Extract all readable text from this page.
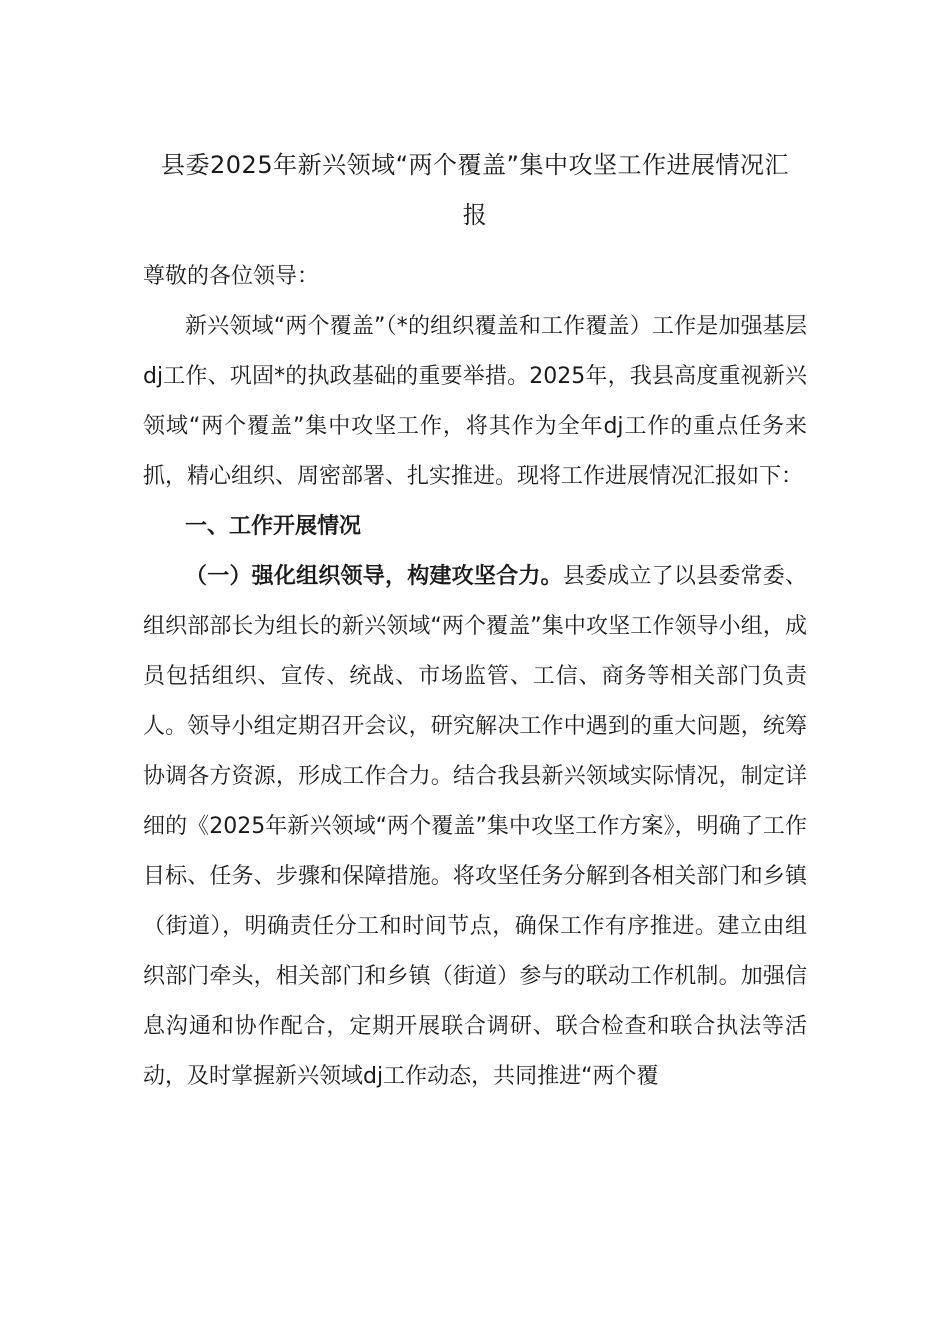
县委2025年新兴领域“两个覆盖”集中攻坚工作进展情况汇
报

尊敬的各位领导：

新兴领域“两个覆盖”（*的组织覆盖和工作覆盖）工作是加强基层dj工作、巩固*的执政基础的重要举措。2025年，我县高度重视新兴领域“两个覆盖”集中攻坚工作，将其作为全年dj工作的重点任务来抓，精心组织、周密部署、扎实推进。现将工作进展情况汇报如下：

一、工作开展情况

（一）强化组织领导，构建攻坚合力。县委成立了以县委常委、组织部部长为组长的新兴领域“两个覆盖”集中攻坚工作领导小组，成员包括组织、宣传、统战、市场监管、工信、商务等相关部门负责人。领导小组定期召开会议，研究解决工作中遇到的重大问题，统筹协调各方资源，形成工作合力。结合我县新兴领域实际情况，制定详细的《2025年新兴领域“两个覆盖”集中攻坚工作方案》，明确了工作目标、任务、步骤和保障措施。将攻坚任务分解到各相关部门和乡镇（街道），明确责任分工和时间节点，确保工作有序推进。建立由组织部门牵头，相关部门和乡镇（街道）参与的联动工作机制。加强信息沟通和协作配合，定期开展联合调研、联合检查和联合执法等活动，及时掌握新兴领域dj工作动态，共同推进“两个覆
